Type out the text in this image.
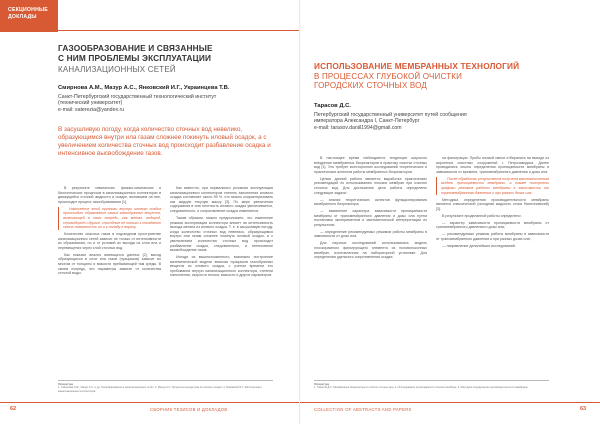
СЕКЦИОННЫЕ
ДОКЛАДЫ
ГАЗООБРАЗОВАНИЕ И СВЯЗАННЫЕ
С НИМ ПРОБЛЕМЫ ЭКСПЛУАТАЦИИ
КАНАЛИЗАЦИОННЫХ СЕТЕЙ
Смирнова А.М., Мазур А.С., Янковский И.Г., Украинцева Т.В.
Санкт-Петербургский государственный технологический институт
(технический университет)
e-mail: saterezia@yandex.ru
В засушливую погоду, когда количество сточных вод невелико, образующимся внутри ила газам сложнее покинуть иловый осадок, а с увеличением количества сточных вод происходит разбавление осадка и интенсивное высвобождение газов.

В результате химических, физико-химических и биологических процессов в канализационных коллекторах в движущейся сточной жидкости и осадке, выпавшем на нее, происходит процесс газообразования [1].

Накопление этой органики внутри илового осадка происходит образование самых газообразных веществ, включающей в свою очередь, как метан, водород, сероводород и другие, способные не только к попаданию сквозь поверхность ил и к попаду в ворону.

Количество опасных газов в подсводном пространстве канализационных сетей зависит не только от интенсивности их образования, но и от условий их выхода из слоя ила и перемещения через слой сточных вод.

Как показал анализ имеющихся данных [2], выход образующихся в слое ила газов (пузырьков) зависит во многом от толщины и вязкости пребывающей там среды. В своем очередь, эти параметры зависят от количества сточной воды.

Как известно, при нормальных условиях эксплуатации канализационных коллекторов степень заполнения илового осадка составляет около 95 %, что можно охарактеризовать как жидкую текучую массу [3]. По мере увеличения содержания в ила плотность илового осадка увеличивается, следовательно, и сопротивление осадка изменяется.

Таким образом, можно предположить, что изменение режима эксплуатации коллектора влияет на интенсивность выхода метана из илового осадка. Т. е. в засушливую погоду, когда количество сточных вод невелико, образующимся внутри ила газам сложнее покинуть иловый осадок, а с увеличением количества сточных вод происходит разбавление осадка, следовательно, и интенсивное высвобождение газов.

Исходя из вышеизложенного, возможно построение математической модели эмиссии пузырьков газообразных веществ из илового осадка, с учетом времени его пребывания внутри канализационного коллектора, степени наполнения, скорости потока, вязкости и других параметров.

Литература
1. Смирнова А.М., Мазур А.С. и др. Газообразование в канализационных сетях. 2. Мазур А.С. Процессы выхода газа из илового осадка. 3. Янковский И.Г. Эксплуатация канализационных коллекторов.
62	СБОРНИК ТЕЗИСОВ И ДОКЛАДОВ
ИСПОЛЬЗОВАНИЕ МЕМБРАННЫХ ТЕХНОЛОГИЙ
В ПРОЦЕССАХ ГЛУБОКОЙ ОЧИСТКИ
ГОРОДСКИХ СТОЧНЫХ ВОД
Тарасов Д.С.
Петербургский государственный университет путей сообщения
императора Александра I, Санкт-Петербург
e-mail: tarasov.daniil1994@gmail.com

В настоящее время наблюдается тенденция широкого внедрения мембранных биореакторов в практику очистки сточных вод [1]. Это требует всесторонних исследований теоретических и практических аспектов работы мембранных биореакторов.

Целью данной работы является выработка практических рекомендаций по использованию плоских мембран при очистке сточных вод. Для достижения цели работы определены следующие задачи:

— анализ теоретических аспектов функционирования мембранного биореактора;

— выявление характера зависимости проницаемости мембраны от трансмембранного давления и дозы ила путем постановки экспериментов и математической интерпретации их результатов;

— определение рекомендуемых режимов работы мембраны в зависимости от дозы ила.

Для научных исследований использовалась модель плоскорамного фильтрующего элемента из половолоконных мембран, изготовленная на лабораторной установке. Для определения удельного сопротивления осадка

на фильтрации. Пробы иловой смеси отбирались на выходе из аэротенка очистных сооружений г. Петрозаводска. Далее проводились опыты определения проницаемости мембраны в зависимости от времени, трансмембранного давления и дозы ила.

После обработки результатов получена математическая модель проницаемости мембраны, а также построены графики режимов работы мембраны в зависимости от трансмембранного давления и при разных дозах ила.

Методика определения производительности мембраны является классической (исходная жидкость стока Ньютоновский) [3].

В результате проделанной работы определено:

— характер зависимости проницаемости мембраны от трансмембранного давления и дозы ила;

— рекомендуемые режимы работы мембраны в зависимости от трансмембранного давления и при разных дозах ила;

— направление дальнейших исследований.

Литература
1. Тарасов Д.С. Мембранные биореакторы в очистке сточных вод. 2. Исследование проницаемости плоских мембран. 3. Методика определения производительности мембраны.
COLLECTION OF ABSTRACTS AND PAPERS	63
